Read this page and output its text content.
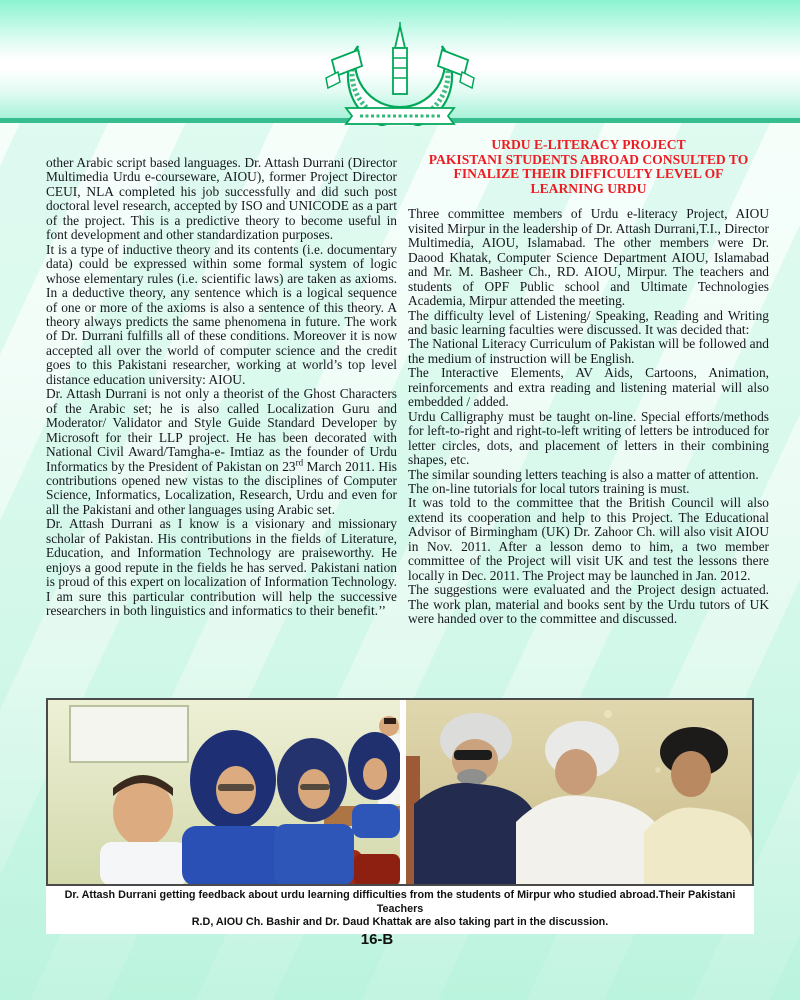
other Arabic script based languages. Dr. Attash Durrani (Director Multimedia Urdu e-courseware, AIOU), former Project Director CEUI, NLA completed his job successfully and did such post doctoral level research, accepted by ISO and UNICODE as a part of the project. This is a predictive theory to become useful in font development and other standardization purposes.

It is a type of inductive theory and its contents (i.e. documentary data) could be expressed within some formal system of logic whose elementary rules (i.e. scientific laws) are taken as axioms. In a deductive theory, any sentence which is a logical sequence of one or more of the axioms is also a sentence of this theory. A theory always predicts the same phenomena in future. The work of Dr. Durrani fulfills all of these conditions. Moreover it is now accepted all over the world of computer science and the credit goes to this Pakistani researcher, working at world’s top level distance education university: AIOU.

Dr. Attash Durrani is not only a theorist of the Ghost Characters of the Arabic set; he is also called Localization Guru and Moderator/ Validator and Style Guide Standard Developer by Microsoft for their LLP project. He has been decorated with National Civil Award/Tamgha-e- Imtiaz as the founder of Urdu Informatics by the President of Pakistan on 23rd March 2011. His contributions opened new vistas to the disciplines of Computer Science, Informatics, Localization, Research, Urdu and even for all the Pakistani and other languages using Arabic set.

Dr. Attash Durrani as I know is a visionary and missionary scholar of Pakistan. His contributions in the fields of Literature, Education, and Information Technology are praiseworthy. He enjoys a good repute in the fields he has served. Pakistani nation is proud of this expert on localization of Information Technology. I am sure this particular contribution will help the successive researchers in both linguistics and informatics to their benefit.’’

URDU E-LITERACY PROJECT
PAKISTANI STUDENTS ABROAD CONSULTED TO
FINALIZE THEIR DIFFICULTY LEVEL OF
LEARNING URDU

Three committee members of Urdu e-literacy Project, AIOU visited Mirpur in the leadership of Dr. Attash Durrani,T.I., Director Multimedia, AIOU, Islamabad. The other members were Dr. Daood Khatak, Computer Science Department AIOU, Islamabad and Mr. M. Basheer Ch., RD. AIOU, Mirpur. The teachers and students of OPF Public school and Ultimate Technologies Academia, Mirpur attended the meeting.

The difficulty level of Listening/ Speaking, Reading and Writing and basic learning faculties were discussed. It was decided that:

The National Literacy Curriculum of Pakistan will be followed and the medium of instruction will be English.

The Interactive Elements, AV Aids, Cartoons, Animation, reinforcements and extra reading and listening material will also embedded / added.

Urdu Calligraphy must be taught on-line. Special efforts/methods for left-to-right and right-to-left writing of letters be introduced for letter circles, dots, and placement of letters in their combining shapes, etc.

The similar sounding letters teaching is also a matter of attention.

The on-line tutorials for local tutors training is must.

It was told to the committee that the British Council will also extend its cooperation and help to this Project. The Educational Advisor of Birmingham (UK) Dr. Zahoor Ch. will also visit AIOU in Nov. 2011. After a lesson demo to him, a two member committee of the Project will visit UK and test the lessons there locally in Dec. 2011. The Project may be launched in Jan. 2012.

The suggestions were evaluated and the Project design actuated. The work plan, material and books sent by the Urdu tutors of UK were handed over to the committee and discussed.

Dr. Attash Durrani getting feedback about urdu learning difficulties from the students of Mirpur who studied abroad.Their Pakistani Teachers
R.D, AIOU Ch. Bashir and Dr. Daud Khattak are also taking part in the discussion.
16-B
